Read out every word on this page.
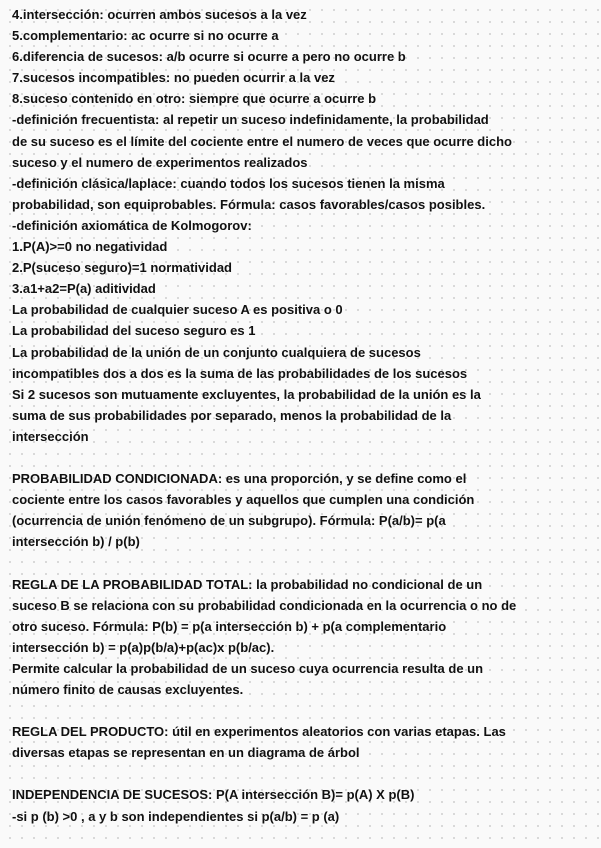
4.intersección: ocurren ambos sucesos a la vez
5.complementario: ac ocurre si no ocurre a
6.diferencia de sucesos: a/b ocurre si ocurre a pero no ocurre b
7.sucesos incompatibles: no pueden ocurrir a la vez
8.suceso contenido en otro: siempre que ocurre a ocurre b
-definición frecuentista: al repetir un suceso indefinidamente, la probabilidad
de su suceso es el límite del cociente entre el numero de veces que ocurre dicho
suceso y el numero de experimentos realizados
-definición clásica/laplace: cuando todos los sucesos tienen la misma
probabilidad, son equiprobables. Fórmula: casos favorables/casos posibles.
-definición axiomática de Kolmogorov:
1.P(A)>=0 no negatividad
2.P(suceso seguro)=1 normatividad
3.a1+a2=P(a) aditividad
La probabilidad de cualquier suceso A es positiva o 0
La probabilidad del suceso seguro es 1
La probabilidad de la unión de un conjunto cualquiera de sucesos
incompatibles dos a dos es la suma de las probabilidades de los sucesos
Si 2 sucesos son mutuamente excluyentes, la probabilidad de la unión es la
suma de sus probabilidades por separado, menos la probabilidad de la
intersección
PROBABILIDAD CONDICIONADA: es una proporción, y se define como el
cociente entre los casos favorables y aquellos que cumplen una condición
(ocurrencia de unión fenómeno de un subgrupo). Fórmula: P(a/b)= p(a
intersección b) / p(b)
REGLA DE LA PROBABILIDAD TOTAL: la probabilidad no condicional de un
suceso B se relaciona con su probabilidad condicionada en la ocurrencia o no de
otro suceso. Fórmula: P(b) = p(a intersección b) + p(a complementario
intersección b) = p(a)p(b/a)+p(ac)x p(b/ac).
Permite calcular la probabilidad de un suceso cuya ocurrencia resulta de un
número finito de causas excluyentes.
REGLA DEL PRODUCTO: útil en experimentos aleatorios con varias etapas. Las
diversas etapas se representan en un diagrama de árbol
INDEPENDENCIA DE SUCESOS: P(A intersección B)= p(A) X p(B)
-si p (b) >0 , a y b son independientes si p(a/b) = p (a)
